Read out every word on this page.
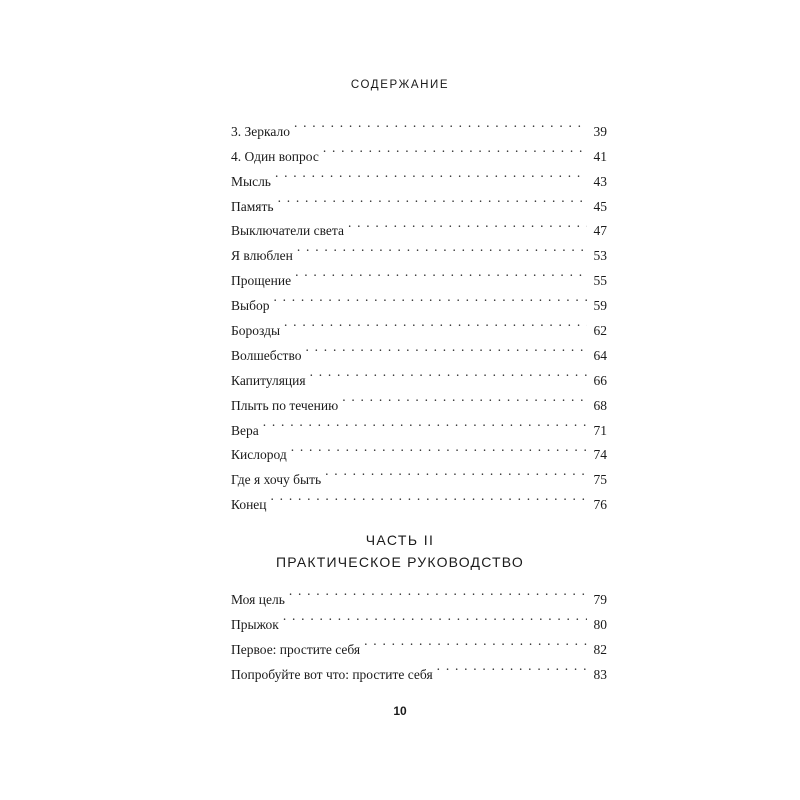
СОДЕРЖАНИЕ
3. Зеркало . . .	39
4. Один вопрос . . .	41
Мысль . . .	43
Память . . .	45
Выключатели света . . .	47
Я влюблен . . .	53
Прощение . . .	55
Выбор . . .	59
Борозды . . .	62
Волшебство . . .	64
Капитуляция . . .	66
Плыть по течению . . .	68
Вера . . .	71
Кислород . . .	74
Где я хочу быть . . .	75
Конец . . .	76
ЧАСТЬ II
ПРАКТИЧЕСКОЕ РУКОВОДСТВО
Моя цель . . .	79
Прыжок . . .	80
Первое: простите себя . . .	82
Попробуйте вот что: простите себя . . .	83
10
